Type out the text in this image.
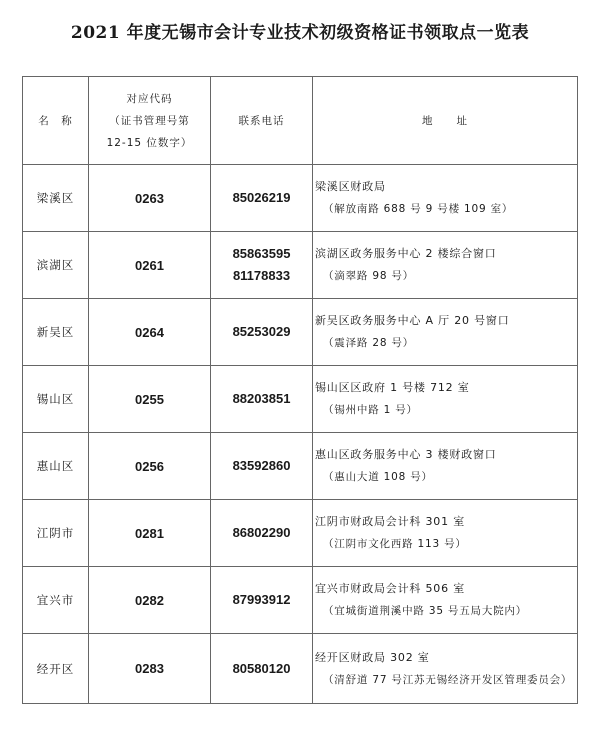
2021 年度无锡市会计专业技术初级资格证书领取点一览表
名　称	对应代码
（证书管理号第
12-15 位数字）	联系电话	地　　址
梁溪区	0263	85026219	梁溪区财政局
（解放南路 688 号 9 号楼 109 室）

滨湖区	0261	85863595
81178833	滨湖区政务服务中心 2 楼综合窗口
（滴翠路 98 号）

新吴区	0264	85253029	新吴区政务服务中心 A 厅 20 号窗口
（震泽路 28 号）

锡山区	0255	88203851	锡山区区政府 1 号楼 712 室
（锡州中路 1 号）

惠山区	0256	83592860	惠山区政务服务中心 3 楼财政窗口
（惠山大道 108 号）

江阴市	0281	86802290	江阴市财政局会计科 301 室
（江阴市文化西路 113 号）

宜兴市	0282	87993912	宜兴市财政局会计科 506 室
（宜城街道荆溪中路 35 号五局大院内）

经开区	0283	80580120	经开区财政局 302 室
（清舒道 77 号江苏无锡经济开发区管理委员会）
